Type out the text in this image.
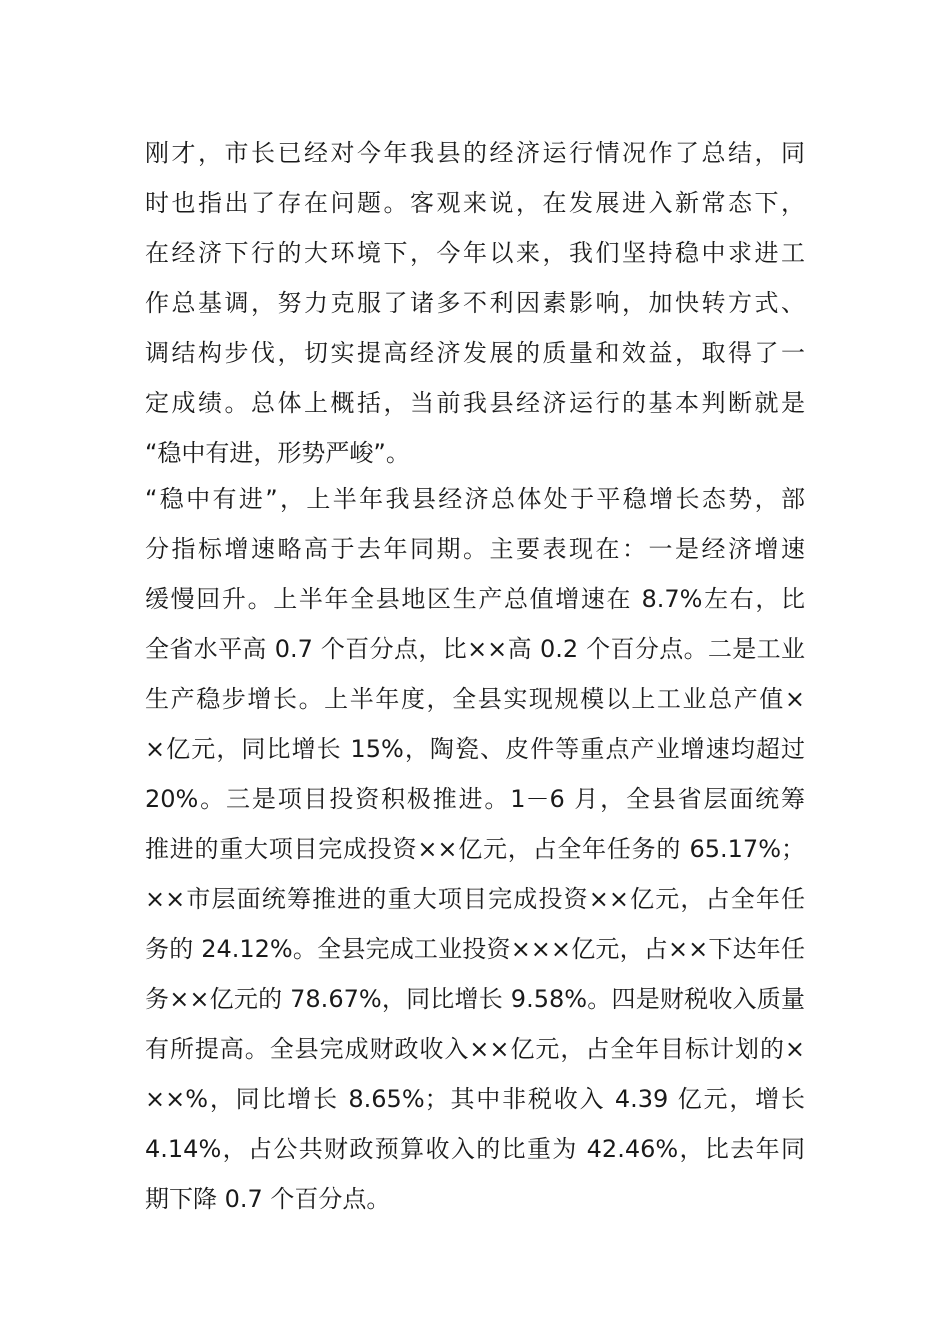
刚才，市长已经对今年我县的经济运行情况作了总结，同
时也指出了存在问题。客观来说，在发展进入新常态下，
在经济下行的大环境下，今年以来，我们坚持稳中求进工
作总基调，努力克服了诸多不利因素影响，加快转方式、
调结构步伐，切实提高经济发展的质量和效益，取得了一
定成绩。总体上概括，当前我县经济运行的基本判断就是
“稳中有进，形势严峻”。
“稳中有进”，上半年我县经济总体处于平稳增长态势，部
分指标增速略高于去年同期。主要表现在：一是经济增速
缓慢回升。上半年全县地区生产总值增速在 8.7%左右，比
全省水平高 0.7 个百分点，比××高 0.2 个百分点。二是工业
生产稳步增长。上半年度，全县实现规模以上工业总产值×
×亿元，同比增长 15%，陶瓷、皮件等重点产业增速均超过
20%。三是项目投资积极推进。1－6 月，全县省层面统筹
推进的重大项目完成投资××亿元，占全年任务的 65.17%；
××市层面统筹推进的重大项目完成投资××亿元，占全年任
务的 24.12%。全县完成工业投资×××亿元，占××下达年任
务××亿元的 78.67%，同比增长 9.58%。四是财税收入质量
有所提高。全县完成财政收入××亿元，占全年目标计划的×
××%，同比增长 8.65%；其中非税收入 4.39 亿元，增长
4.14%，占公共财政预算收入的比重为 42.46%，比去年同
期下降 0.7 个百分点。
